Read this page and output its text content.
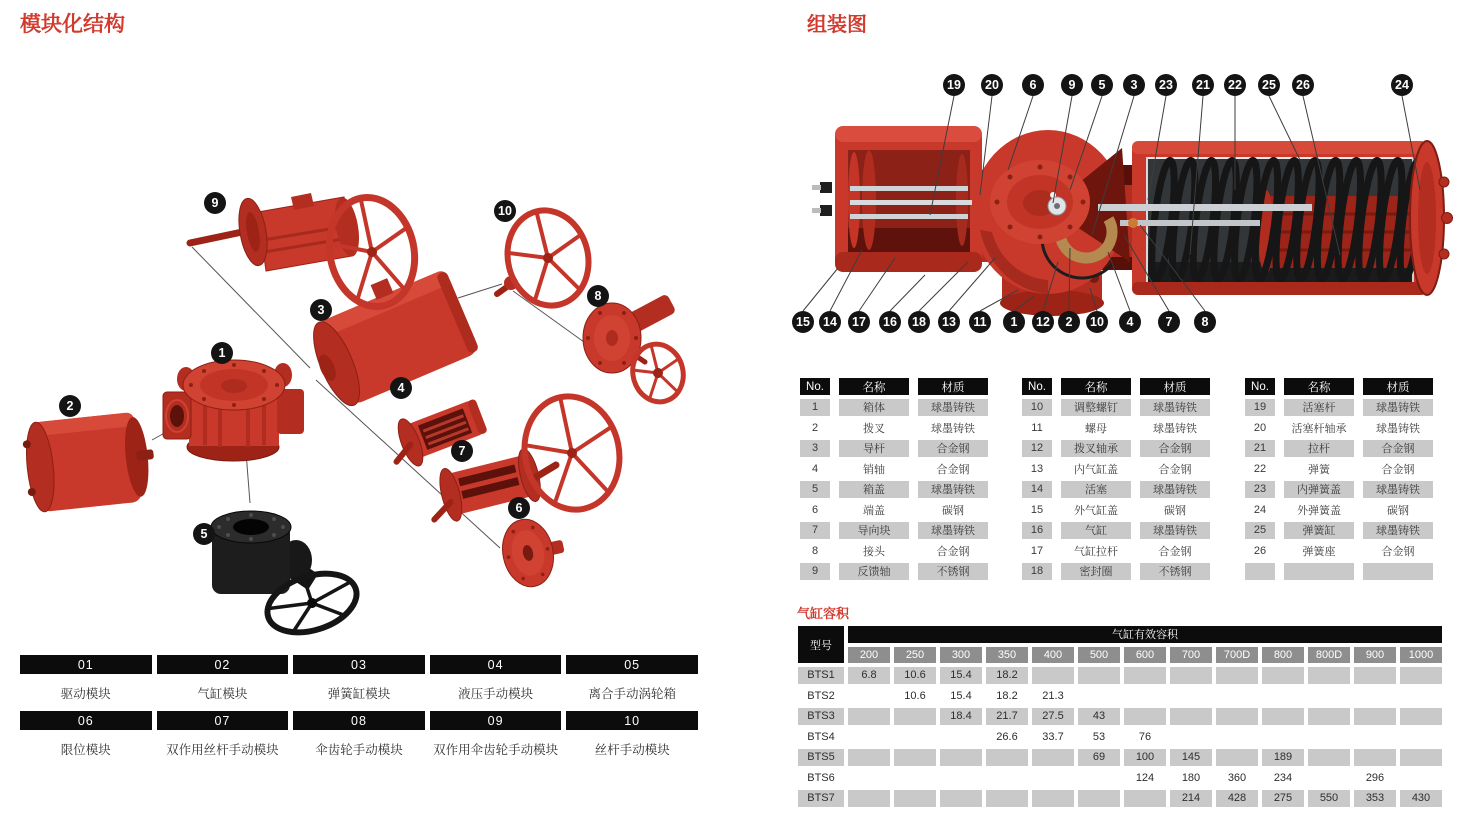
模块化结构	组装图
9
10
8
3
1
4
2
7
6
5
19 20 6	9 5 3 23 21 22 25 26	24
15 14 17 16 18 13 11 1 12 2 10 4	7 8
01	02	03	04	05
驱动模块	气缸模块	弹簧缸模块	液压手动模块	离合手动涡轮箱
06	07	08	09	10
限位模块	双作用丝杆手动模块	伞齿轮手动模块	双作用伞齿轮手动模块	丝杆手动模块
No.	名称	材质
1	箱体	球墨铸铁
2	拨叉	球墨铸铁
3	导杆	合金钢
4	销轴	合金钢
5	箱盖	球墨铸铁
6	端盖	碳钢
7	导向块	球墨铸铁
8	接头	合金钢
9	反馈轴	不锈钢
No.	名称	材质
10	调整螺钉	球墨铸铁
11	螺母	球墨铸铁
12	拨叉轴承	合金钢
13	内气缸盖	合金钢
14	活塞	球墨铸铁
15	外气缸盖	碳钢
16	气缸	球墨铸铁
17	气缸拉杆	合金钢
18	密封圈	不锈钢
No.	名称	材质
19	活塞杆	球墨铸铁
20	活塞杆轴承	球墨铸铁
21	拉杆	合金钢
22	弹簧	合金钢
23	内弹簧盖	球墨铸铁
24	外弹簧盖	碳钢
25	弹簧缸	球墨铸铁
26	弹簧座	合金钢

气缸容积
型号	气缸有效容积												
	200	250	300	350	400	500	600	700	700D	800	800D	900	1000
BTS1	6.8	10.6	15.4	18.2									
BTS2		10.6	15.4	18.2	21.3								
BTS3			18.4	21.7	27.5	43							
BTS4				26.6	33.7	53	76						
BTS5						69	100	145		189			
BTS6							124	180	360	234		296	
BTS7								214	428	275	550	353	430
